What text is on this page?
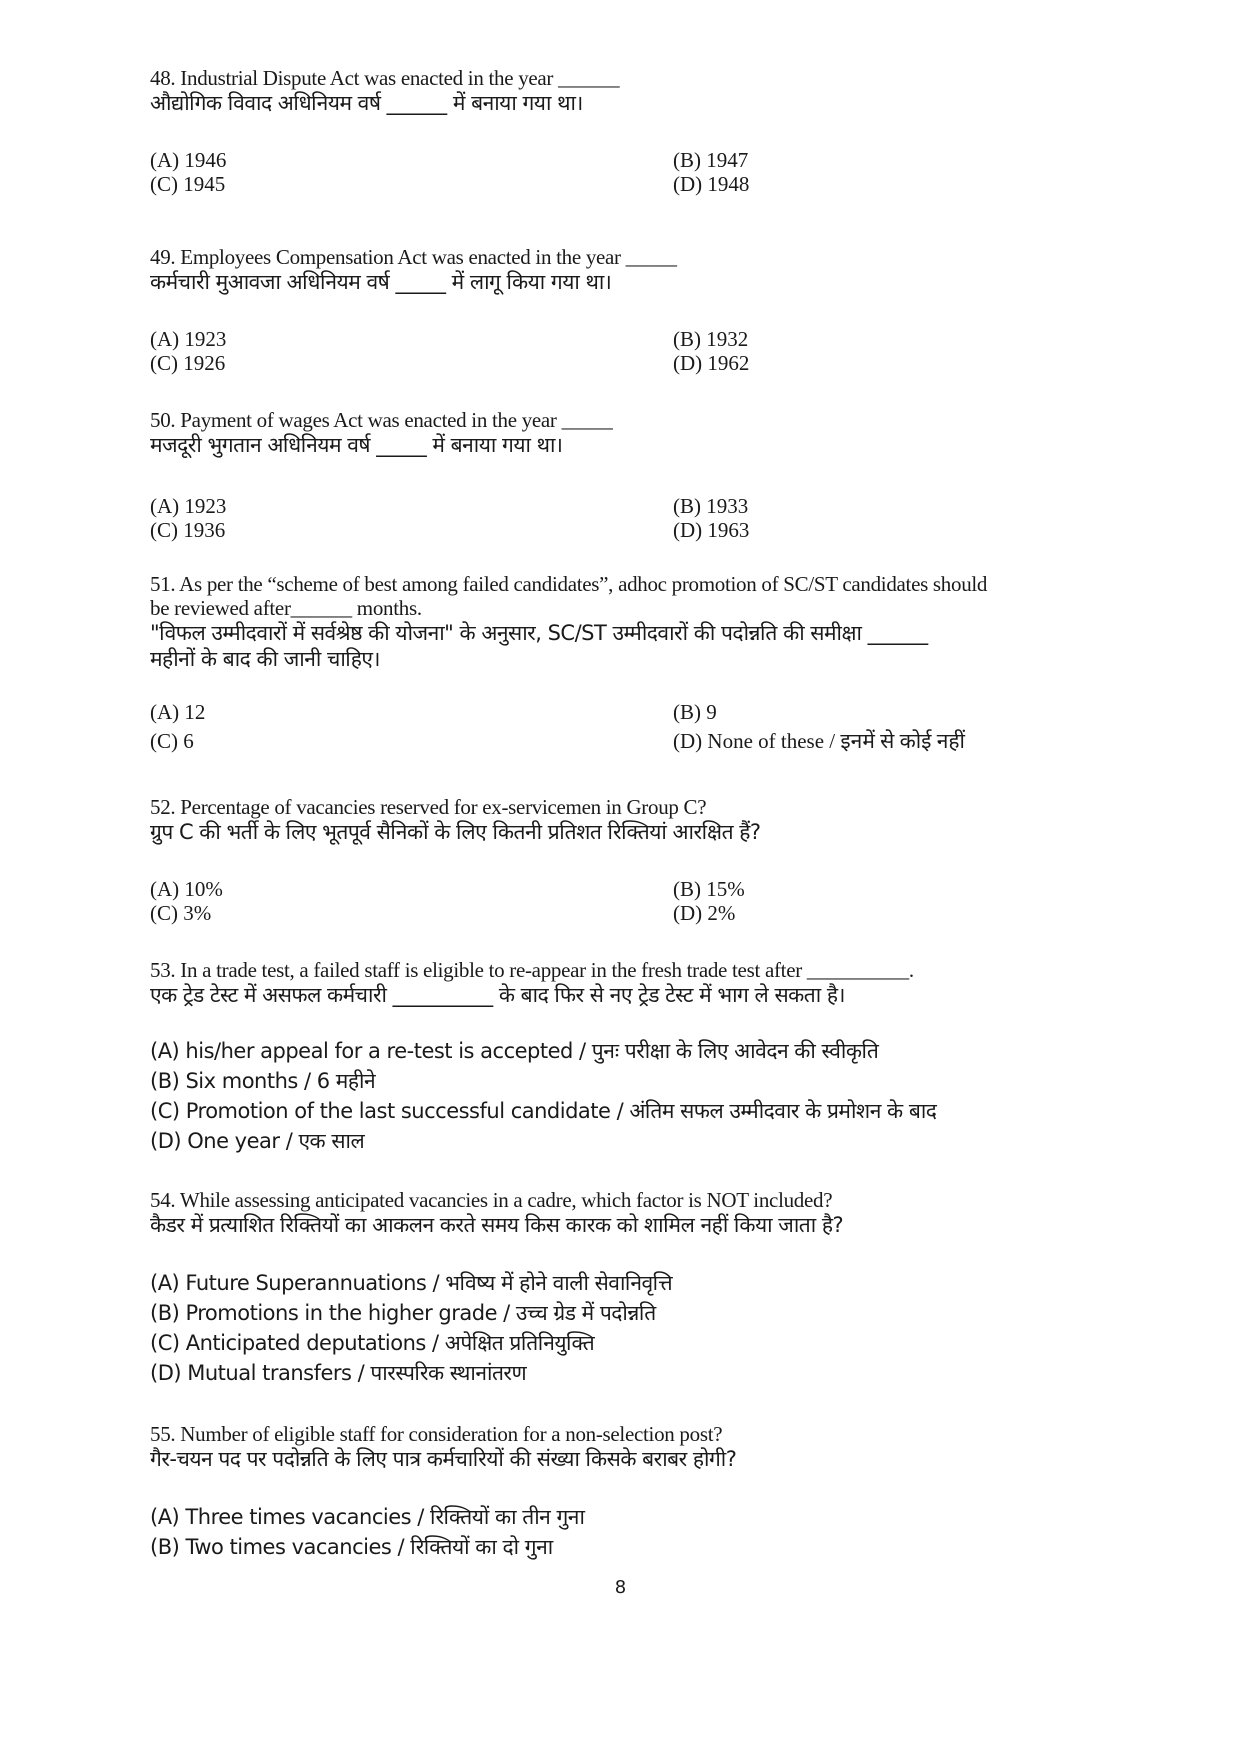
48. Industrial Dispute Act was enacted in the year ______
औद्योगिक विवाद अधिनियम वर्ष ______ में बनाया गया था।
(A) 1946	(B) 1947
(C) 1945	(D) 1948
49. Employees Compensation Act was enacted in the year _____
कर्मचारी मुआवजा अधिनियम वर्ष _____ में लागू किया गया था।
(A) 1923	(B) 1932
(C) 1926	(D) 1962
50. Payment of wages Act was enacted in the year _____
मजदूरी भुगतान अधिनियम वर्ष _____ में बनाया गया था।
(A) 1923	(B) 1933
(C) 1936	(D) 1963
51. As per the “scheme of best among failed candidates”, adhoc promotion of SC/ST candidates should
be reviewed after______ months.
"विफल उम्मीदवारों में सर्वश्रेष्ठ की योजना" के अनुसार, SC/ST उम्मीदवारों की पदोन्नति की समीक्षा ______
महीनों के बाद की जानी चाहिए।
(A) 12	(B) 9
(C) 6	(D) None of these / इनमें से कोई नहीं
52. Percentage of vacancies reserved for ex-servicemen in Group C?
ग्रुप C की भर्ती के लिए भूतपूर्व सैनिकों के लिए कितनी प्रतिशत रिक्तियां आरक्षित हैं?
(A) 10%	(B) 15%
(C) 3%	(D) 2%
53. In a trade test, a failed staff is eligible to re-appear in the fresh trade test after __________.
एक ट्रेड टेस्ट में असफल कर्मचारी __________ के बाद फिर से नए ट्रेड टेस्ट में भाग ले सकता है।
(A) his/her appeal for a re-test is accepted / पुनः परीक्षा के लिए आवेदन की स्वीकृति
(B) Six months / 6 महीने
(C) Promotion of the last successful candidate / अंतिम सफल उम्मीदवार के प्रमोशन के बाद
(D) One year / एक साल
54. While assessing anticipated vacancies in a cadre, which factor is NOT included?
कैडर में प्रत्याशित रिक्तियों का आकलन करते समय किस कारक को शामिल नहीं किया जाता है?
(A) Future Superannuations / भविष्य में होने वाली सेवानिवृत्ति
(B) Promotions in the higher grade / उच्च ग्रेड में पदोन्नति
(C) Anticipated deputations / अपेक्षित प्रतिनियुक्ति
(D) Mutual transfers / पारस्परिक स्थानांतरण
55. Number of eligible staff for consideration for a non-selection post?
गैर-चयन पद पर पदोन्नति के लिए पात्र कर्मचारियों की संख्या किसके बराबर होगी?
(A) Three times vacancies / रिक्तियों का तीन गुना
(B) Two times vacancies / रिक्तियों का दो गुना
8
